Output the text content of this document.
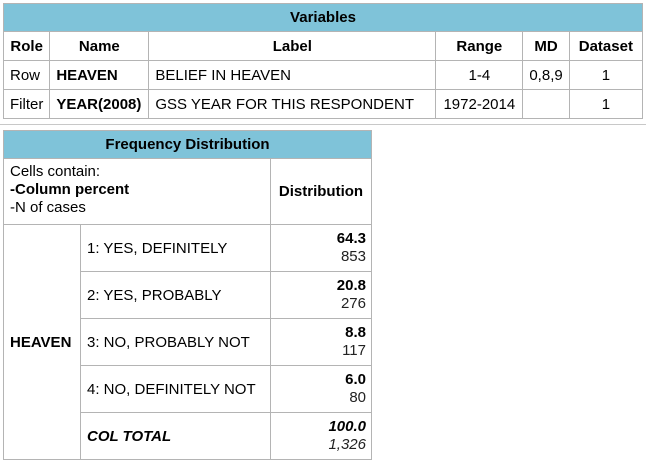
Variables					
Role	Name	Label	Range	MD	Dataset
Row	HEAVEN	BELIEF IN HEAVEN	1-4	0,8,9	1
Filter	YEAR(2008)	GSS YEAR FOR THIS RESPONDENT	1972-2014		1
Frequency Distribution		

Cells contain:
-Column percent
-N of cases		Distribution
HEAVEN	1: YES, DEFINITELY	64.3
853

	2: YES, PROBABLY	20.8
276

	3: NO, PROBABLY NOT	8.8
117

	4: NO, DEFINITELY NOT	6.0
80

	COL TOTAL	100.0
1,326
